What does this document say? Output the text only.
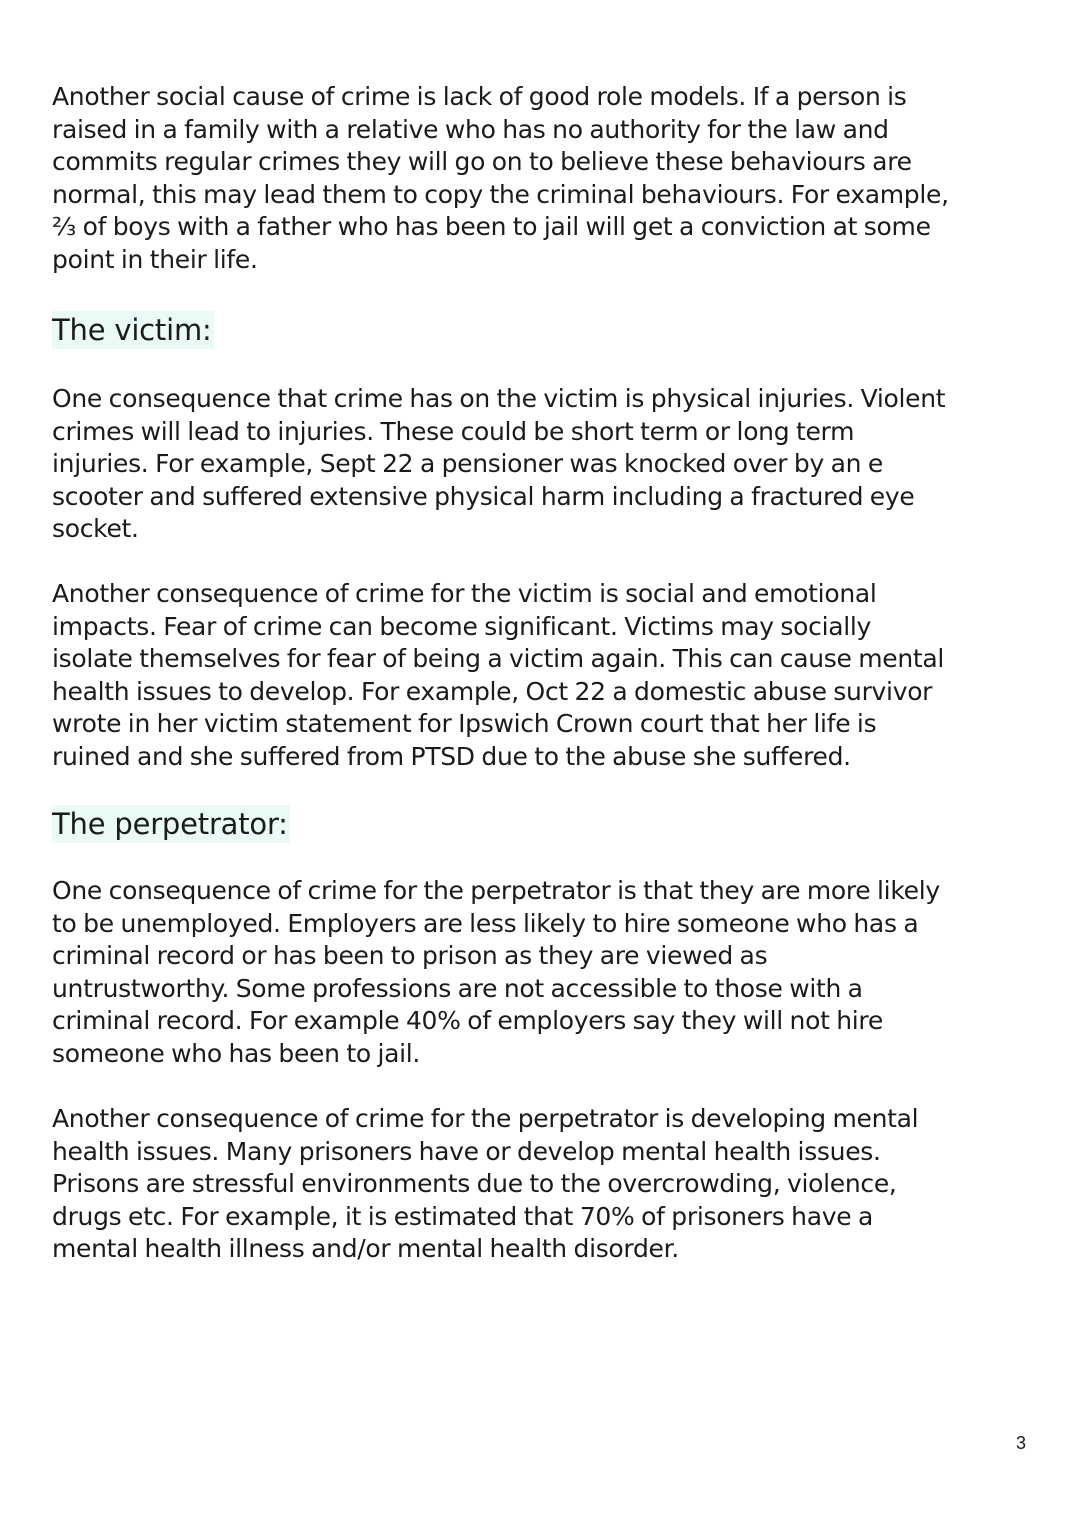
Another social cause of crime is lack of good role models. If a person is
raised in a family with a relative who has no authority for the law and
commits regular crimes they will go on to believe these behaviours are
normal, this may lead them to copy the criminal behaviours. For example,
⅔ of boys with a father who has been to jail will get a conviction at some
point in their life.

The victim:

One consequence that crime has on the victim is physical injuries. Violent
crimes will lead to injuries. These could be short term or long term
injuries. For example, Sept 22 a pensioner was knocked over by an e
scooter and suffered extensive physical harm including a fractured eye
socket.

Another consequence of crime for the victim is social and emotional
impacts. Fear of crime can become significant. Victims may socially
isolate themselves for fear of being a victim again. This can cause mental
health issues to develop. For example, Oct 22 a domestic abuse survivor
wrote in her victim statement for Ipswich Crown court that her life is
ruined and she suffered from PTSD due to the abuse she suffered.

The perpetrator:

One consequence of crime for the perpetrator is that they are more likely
to be unemployed. Employers are less likely to hire someone who has a
criminal record or has been to prison as they are viewed as
untrustworthy. Some professions are not accessible to those with a
criminal record. For example 40% of employers say they will not hire
someone who has been to jail.

Another consequence of crime for the perpetrator is developing mental
health issues. Many prisoners have or develop mental health issues.
Prisons are stressful environments due to the overcrowding, violence,
drugs etc. For example, it is estimated that 70% of prisoners have a
mental health illness and/or mental health disorder.

3
